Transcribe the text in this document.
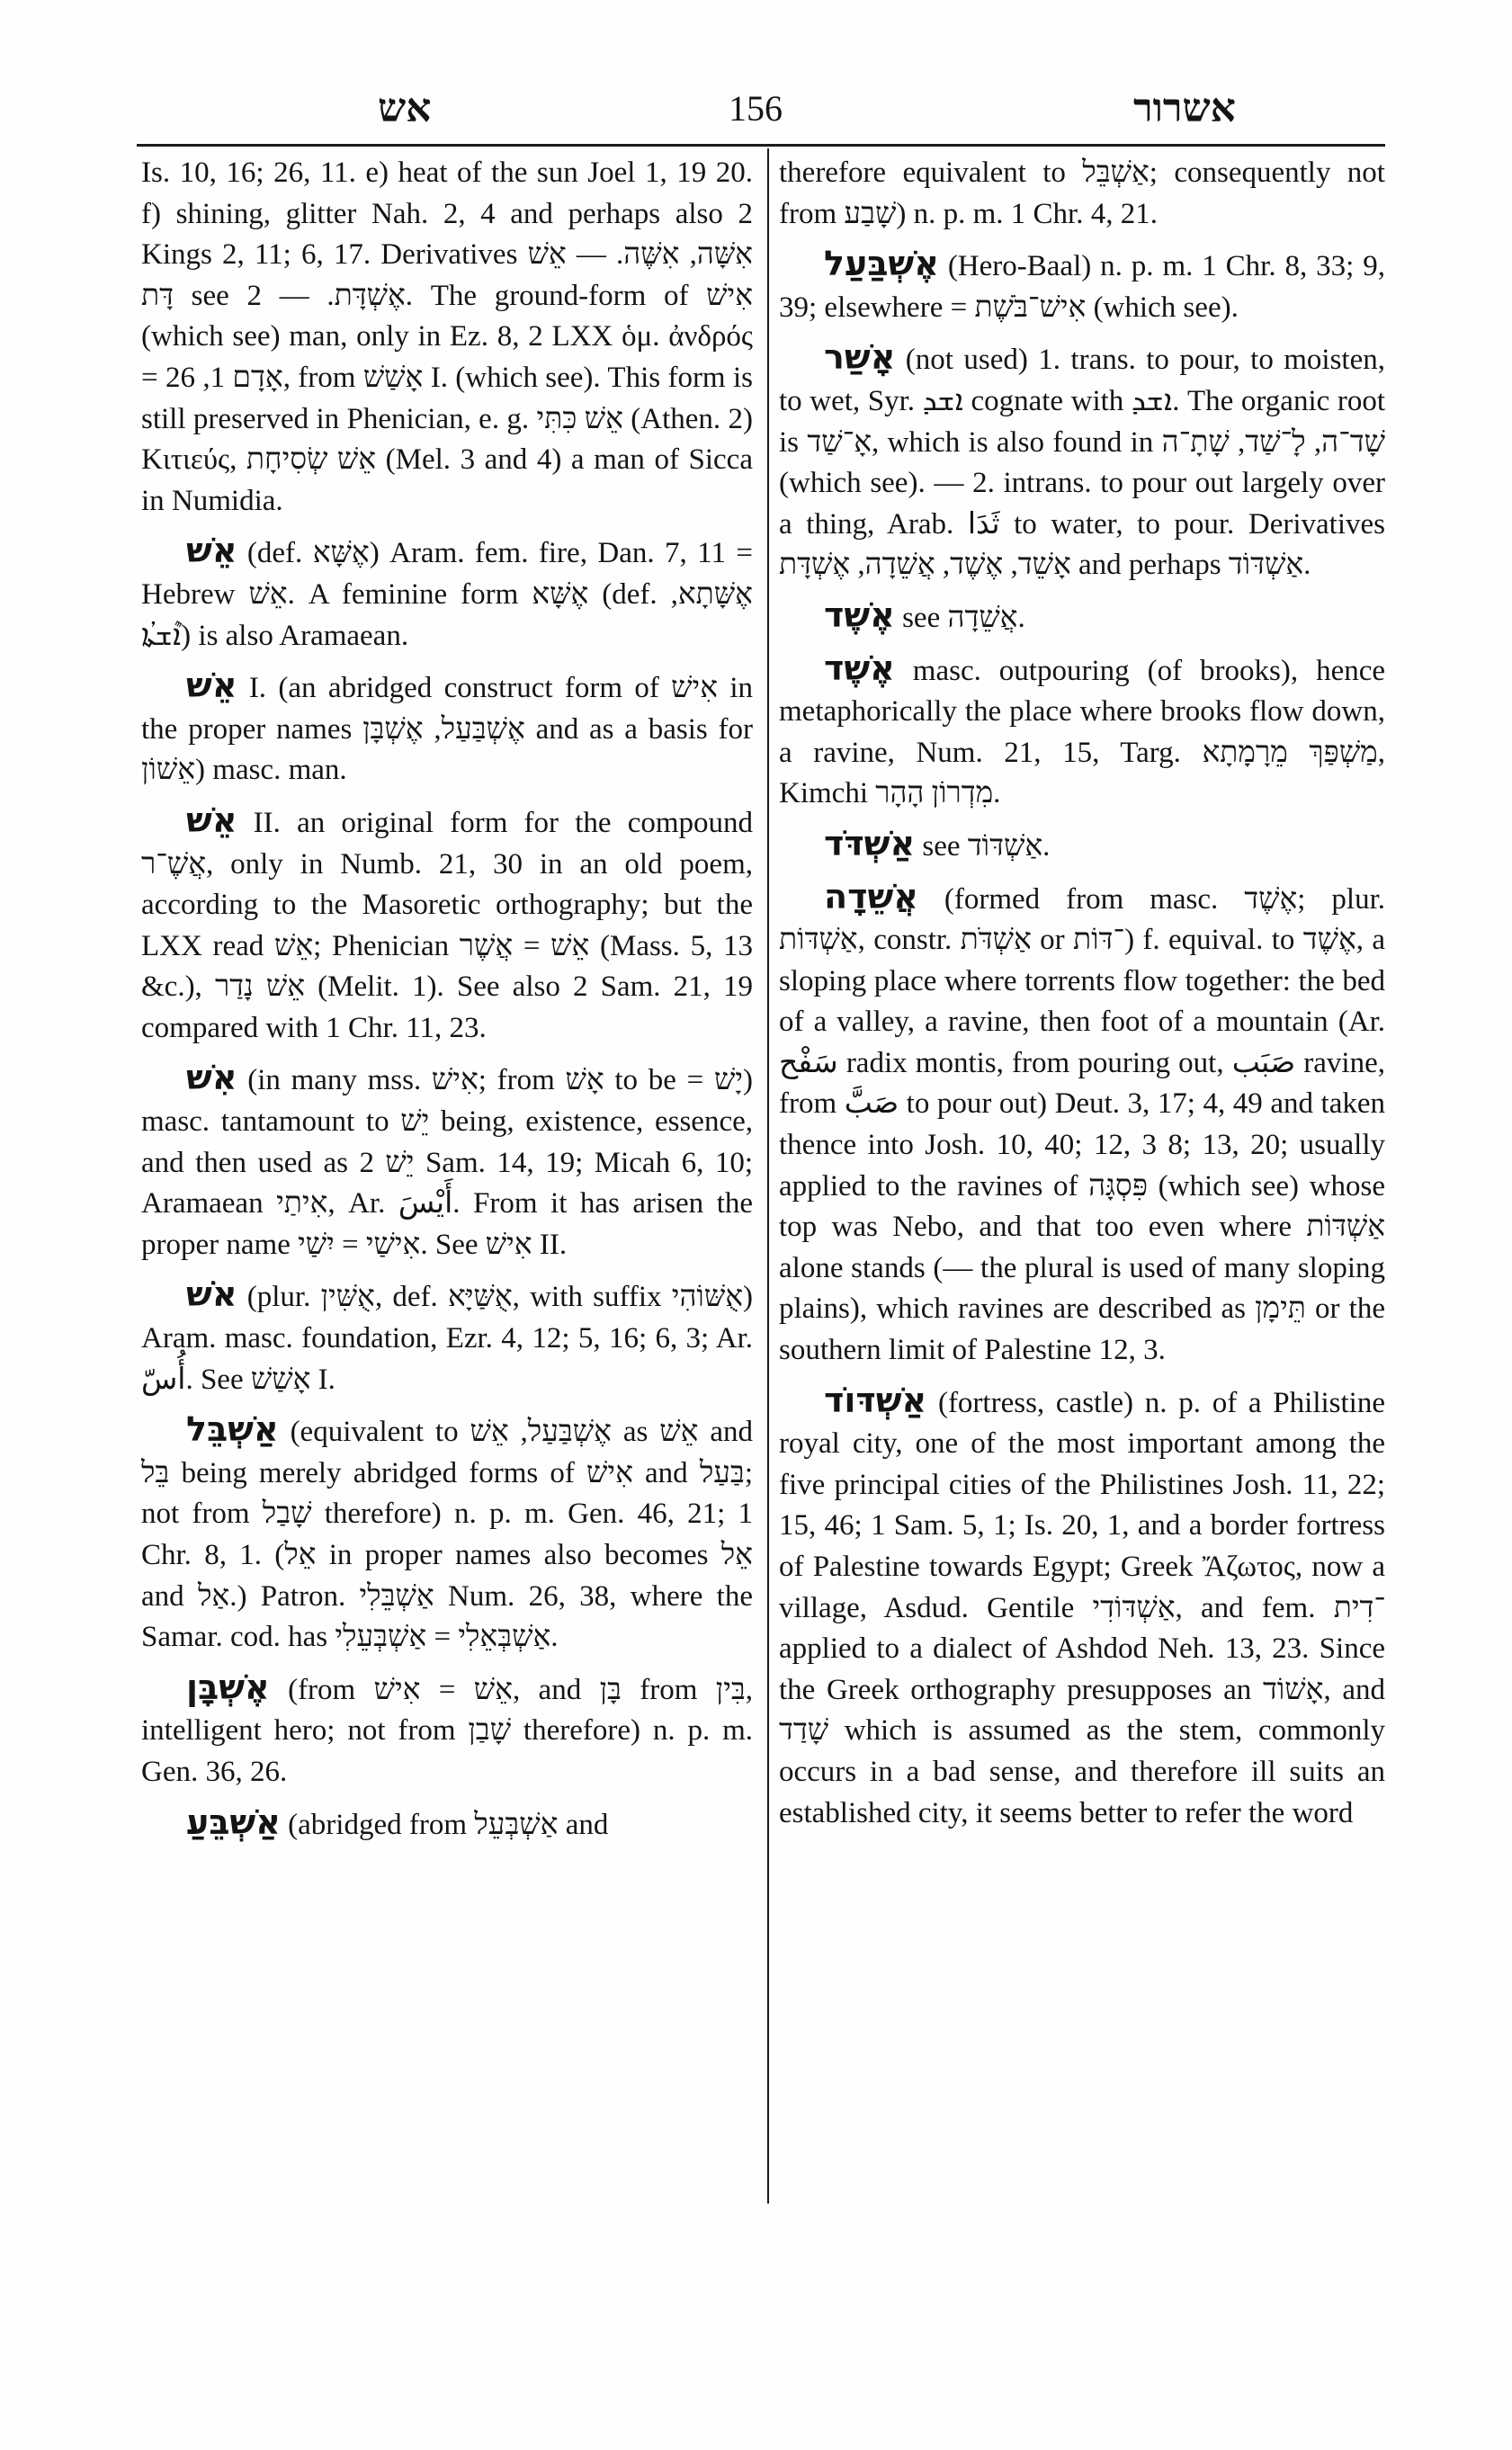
אש	156	אשרור

Is. 10, 16; 26, 11. e) heat of the sun Joel 1, 19 20. f) shining, glitter Nah. 2, 4 and perhaps also 2 Kings 2, 11; 6, 17. Derivatives אִשָּׁה, אִשֶּׁה. — אֵשׁ דָּת see אֶשְׁדָּת. — 2. The ground-form of אִישׁ (which see) man, only in Ez. 8, 2 LXX ὁμ. ἀνδρός = אָדָם 1, 26, from אָשַׁשׁ I. (which see). This form is still preserved in Phenician, e. g. אֵשׁ כִּתִּי (Athen. 2) Κιτιεύς, אֵשׁ שְׂסִיחָת (Mel. 3 and 4) a man of Sicca in Numidia.

אֵשׁ (def. אֶשָּׁא) Aram. fem. fire, Dan. 7, 11 = Hebrew אֵשׁ. A feminine form אֶשָּׁא (def. אֶשָּׁתָא, ܐܶܫܬܳܐ) is also Aramaean.

אֵשׁ I. (an abridged construct form of אִישׁ in the proper names אֶשְׁבַּעַל, אֶשְׁבָּן and as a basis for אֵשׁוֹן) masc. man.

אֵשׁ II. an original form for the compound אֲשֶׁ־ר, only in Numb. 21, 30 in an old poem, according to the Masoretic orthography; but the LXX read אֵשׁ; Phenician אֵשׁ = אֲשֶׁר (Mass. 5, 13 &c.), אֵשׁ נָדַר (Melit. 1). See also 2 Sam. 21, 19 compared with 1 Chr. 11, 23.

אִשׁ (in many mss. אִישׁ; from אָשׁ to be = יָשׁ) masc. tantamount to יֵשׁ being, existence, essence, and then used as יֵשׁ 2 Sam. 14, 19; Micah 6, 10; Aramaean אִיתַי, Ar. أَيْسَ. From it has arisen the proper name אִישַׁי = יִשַׁי. See אִישׁ II.

אֹשׁ (plur. אֻשִּׁין, def. אֻשַּׁיָּא, with suffix אֻשּׁוֹהִי) Aram. masc. foundation, Ezr. 4, 12; 5, 16; 6, 3; Ar. أُسّ. See אָשַׁשׁ I.

אַשְׁבֵּל (equivalent to אֶשְׁבַּעַל, אֵשׁ as אֵשׁ and בֵּל being merely abridged forms of אִישׁ and בַּעַל; not from שָׁבַל therefore) n. p. m. Gen. 46, 21; 1 Chr. 8, 1. (אֵל in proper names also becomes אֵל and אַל.) Patron. אַשְׁבֵּלִי Num. 26, 38, where the Samar. cod. has אַשְׁבְּאֵלִי = אַשְׁבְּעֵלִי.

אֶשְׁבָּן (from אֵשׁ = אִישׁ, and בָּן from בִּין, intelligent hero; not from שָׁבַן therefore) n. p. m. Gen. 36, 26.

אַשְׁבֵּעַ (abridged from אַשְׁבְּעֵל and

therefore equivalent to אַשְׁבֵּל; consequently not from שָׁבַע) n. p. m. 1 Chr. 4, 21.

אֶשְׁבַּעַל (Hero-Baal) n. p. m. 1 Chr. 8, 33; 9, 39; elsewhere = אִישׁ־בֹּשֶׁת (which see).

אָשַׁר (not used) 1. trans. to pour, to moisten, to wet, Syr. ܐܫܕ cognate with ܐܫܕ. The organic root is אָ־שַׁד, which is also found in שָׁד־ה, לָ־שַׁד, שָׁתָ־ה (which see). — 2. intrans. to pour out largely over a thing, Arab. ثَدَا to water, to pour. Derivatives אָשֵׁד, אֶשֶׁד, אֲשֵׁדָה, אֶשְׁדָּת and perhaps אַשְׁדּוֹד.

אֶשֶׁד see אֲשֵׁדָה.

אֶשֶׁד masc. outpouring (of brooks), hence metaphorically the place where brooks flow down, a ravine, Num. 21, 15, Targ. מַשְׁפַּךְ מֵרָמָתָא, Kimchi מִדְרוֹן הָהָר.

אַשְׁדֹּד see אַשְׁדּוֹד.

אֲשֵׁדָה (formed from masc. אֶשֶׁד; plur. אַשְׁדּוֹת, constr. אַשְׁדֹּת or ־דּוֹת) f. equival. to אֶשֶׁד, a sloping place where torrents flow together: the bed of a valley, a ravine, then foot of a mountain (Ar. سَفْح radix montis, from pouring out, صَبَب ravine, from صَبَّ to pour out) Deut. 3, 17; 4, 49 and taken thence into Josh. 10, 40; 12, 3 8; 13, 20; usually applied to the ravines of פִּסְגָּה (which see) whose top was Nebo, and that too even where אַשְׁדּוֹת alone stands (— the plural is used of many sloping plains), which ravines are described as תֵּימָן or the southern limit of Palestine 12, 3.

אַשְׁדּוֹד (fortress, castle) n. p. of a Philistine royal city, one of the most important among the five principal cities of the Philistines Josh. 11, 22; 15, 46; 1 Sam. 5, 1; Is. 20, 1, and a border fortress of Palestine towards Egypt; Greek Ἄζωτος, now a village, Asdud. Gentile אַשְׁדּוֹדִי, and fem. ־דִית applied to a dialect of Ashdod Neh. 13, 23. Since the Greek orthography presupposes an אָשׁוֹד, and שָׁדַד which is assumed as the stem, commonly occurs in a bad sense, and therefore ill suits an established city, it seems better to refer the word
